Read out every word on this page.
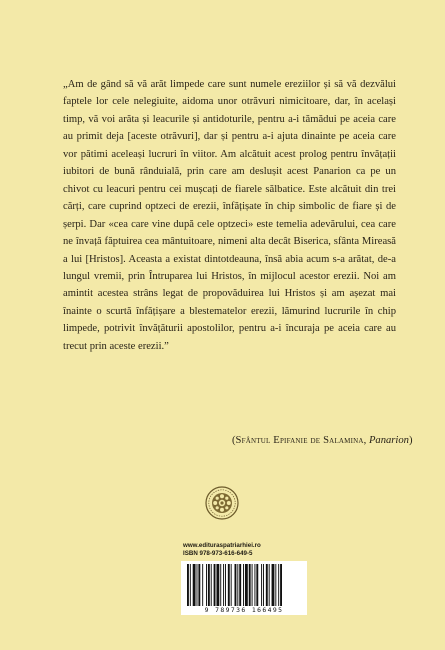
„Am de gând să vă arăt limpede care sunt numele ereziilor și să vă dezvălui faptele lor cele nelegiuite, aidoma unor otrăvuri nimicitoare, dar, în același timp, vă voi arăta și leacurile și antidoturile, pentru a-i tămădui pe aceia care au primit deja [aceste otrăvuri], dar și pentru a-i ajuta dinainte pe aceia care vor pătimi aceleași lucruri în viitor. Am alcătuit acest prolog pentru învățații iubitori de bună rânduială, prin care am deslușit acest Panarion ca pe un chivot cu leacuri pentru cei mușcați de fiarele sălbatice. Este alcătuit din trei cărți, care cuprind optzeci de erezii, înfățișate în chip simbolic de fiare și de șerpi. Dar «cea care vine după cele optzeci» este temelia adevărului, cea care ne învață făptuirea cea mântuitoare, nimeni alta decât Biserica, sfânta Mireasă a lui [Hristos]. Aceasta a existat dintotdeauna, însă abia acum s-a arătat, de-a lungul vremii, prin Întruparea lui Hristos, în mijlocul acestor erezii. Noi am amintit acestea strâns legat de propovăduirea lui Hristos și am așezat mai înainte o scurtă înfățișare a blestematelor erezii, lămurind lucrurile în chip limpede, potrivit învățăturii apostolilor, pentru a-i încuraja pe aceia care au trecut prin aceste erezii.”

(Sfântul Epifanie de Salamina, Panarion)
www.edituraspatriarhiei.ro
ISBN 978-973-616-649-5
9 789736 166495
